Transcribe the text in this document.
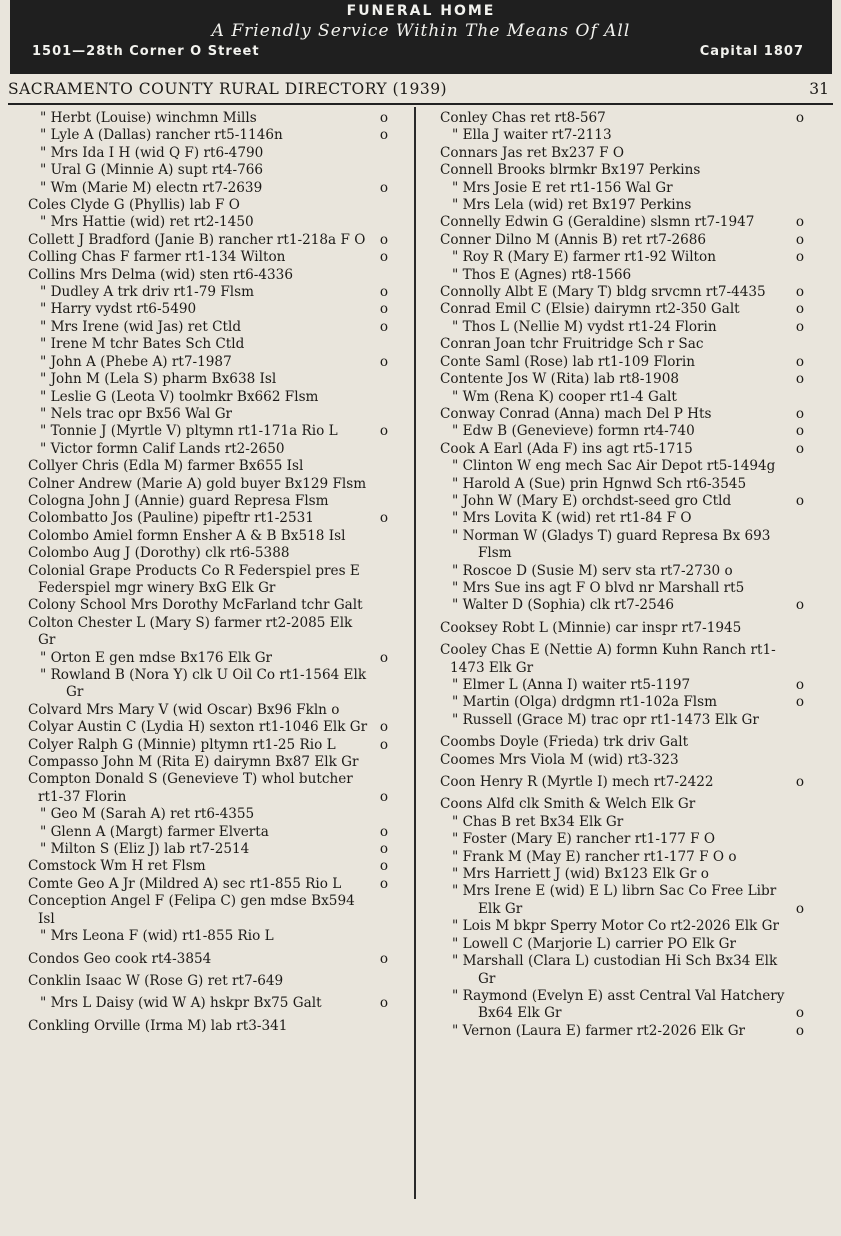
FUNERAL HOME
A Friendly Service Within The Means Of All
1501—28th Corner O Street	Capital 1807
SACRAMENTO COUNTY RURAL DIRECTORY (1939)	31
" Herbt (Louise) winchmn Mills	o
" Lyle A (Dallas) rancher rt5-1146n	o
" Mrs Ida I H (wid Q F) rt6-4790
" Ural G (Minnie A) supt rt4-766
" Wm (Marie M) electn rt7-2639	o
Coles Clyde G (Phyllis) lab F O
" Mrs Hattie (wid) ret rt2-1450
Collett J Bradford (Janie B) rancher rt1-218a F O o
Colling Chas F farmer rt1-134 Wilton	o
Collins Mrs Delma (wid) sten rt6-4336
" Dudley A trk driv rt1-79 Flsm	o
" Harry vydst rt6-5490	o
" Mrs Irene (wid Jas) ret Ctld	o
" Irene M tchr Bates Sch Ctld
" John A (Phebe A) rt7-1987	o
" John M (Lela S) pharm Bx638 Isl
" Leslie G (Leota V) toolmkr Bx662 Flsm
" Nels trac opr Bx56 Wal Gr
" Tonnie J (Myrtle V) pltymn rt1-171a Rio L	o
" Victor formn Calif Lands rt2-2650
Collyer Chris (Edla M) farmer Bx655 Isl
Colner Andrew (Marie A) gold buyer Bx129 Flsm
Cologna John J (Annie) guard Represa Flsm
Colombatto Jos (Pauline) pipeftr rt1-2531	o
Colombo Amiel formn Ensher A & B Bx518 Isl
Colombo Aug J (Dorothy) clk rt6-5388
Colonial Grape Products Co R Federspiel pres E Federspiel mgr winery BxG Elk Gr
Colony School Mrs Dorothy McFarland tchr Galt
Colton Chester L (Mary S) farmer rt2-2085 Elk Gr
" Orton E gen mdse Bx176 Elk Gr	o
" Rowland B (Nora Y) clk U Oil Co rt1-1564 Elk Gr
Colvard Mrs Mary V (wid Oscar) Bx96 Fkln o
Colyar Austin C (Lydia H) sexton rt1-1046 Elk Gr o
Colyer Ralph G (Minnie) pltymn rt1-25 Rio L	o
Compasso John M (Rita E) dairymn Bx87 Elk Gr
Compton Donald S (Genevieve T) whol butcher rt1-37 Florin	o
" Geo M (Sarah A) ret rt6-4355
" Glenn A (Margt) farmer Elverta	o
" Milton S (Eliz J) lab rt7-2514	o
Comstock Wm H ret Flsm	o
Comte Geo A Jr (Mildred A) sec rt1-855 Rio L	o
Conception Angel F (Felipa C) gen mdse Bx594 Isl
" Mrs Leona F (wid) rt1-855 Rio L
Condos Geo cook rt4-3854	o
Conklin Isaac W (Rose G) ret rt7-649
" Mrs L Daisy (wid W A) hskpr Bx75 Galt	o
Conkling Orville (Irma M) lab rt3-341
Conley Chas ret rt8-567	o
" Ella J waiter rt7-2113
Connars Jas ret Bx237 F O
Connell Brooks blrmkr Bx197 Perkins
" Mrs Josie E ret rt1-156 Wal Gr
" Mrs Lela (wid) ret Bx197 Perkins
Connelly Edwin G (Geraldine) slsmn rt7-1947	o
Conner Dilno M (Annis B) ret rt7-2686	o
" Roy R (Mary E) farmer rt1-92 Wilton	o
" Thos E (Agnes) rt8-1566
Connolly Albt E (Mary T) bldg srvcmn rt7-4435 o
Conrad Emil C (Elsie) dairymn rt2-350 Galt	o
" Thos L (Nellie M) vydst rt1-24 Florin	o
Conran Joan tchr Fruitridge Sch r Sac
Conte Saml (Rose) lab rt1-109 Florin	o
Contente Jos W (Rita) lab rt8-1908	o
" Wm (Rena K) cooper rt1-4 Galt
Conway Conrad (Anna) mach Del P Hts	o
" Edw B (Genevieve) formn rt4-740	o
Cook A Earl (Ada F) ins agt rt5-1715	o
" Clinton W eng mech Sac Air Depot rt5-1494g
" Harold A (Sue) prin Hgnwd Sch rt6-3545
" John W (Mary E) orchdst-seed gro Ctld	o
" Mrs Lovita K (wid) ret rt1-84 F O
" Norman W (Gladys T) guard Represa Bx 693 Flsm
" Roscoe D (Susie M) serv sta rt7-2730 o
" Mrs Sue ins agt F O blvd nr Marshall rt5
" Walter D (Sophia) clk rt7-2546	o
Cooksey Robt L (Minnie) car inspr rt7-1945
Cooley Chas E (Nettie A) formn Kuhn Ranch rt1-1473 Elk Gr
" Elmer L (Anna I) waiter rt5-1197	o
" Martin (Olga) drdgmn rt1-102a Flsm	o
" Russell (Grace M) trac opr rt1-1473 Elk Gr
Coombs Doyle (Frieda) trk driv Galt
Coomes Mrs Viola M (wid) rt3-323
Coon Henry R (Myrtle I) mech rt7-2422	o
Coons Alfd clk Smith & Welch Elk Gr
" Chas B ret Bx34 Elk Gr
" Foster (Mary E) rancher rt1-177 F O
" Frank M (May E) rancher rt1-177 F O o
" Mrs Harriett J (wid) Bx123 Elk Gr o
" Mrs Irene E (wid) E L) librn Sac Co Free Libr Elk Gr	o
" Lois M bkpr Sperry Motor Co rt2-2026 Elk Gr
" Lowell C (Marjorie L) carrier PO Elk Gr
" Marshall (Clara L) custodian Hi Sch Bx34 Elk Gr
" Raymond (Evelyn E) asst Central Val Hatchery Bx64 Elk Gr	o
" Vernon (Laura E) farmer rt2-2026 Elk Gr	o
